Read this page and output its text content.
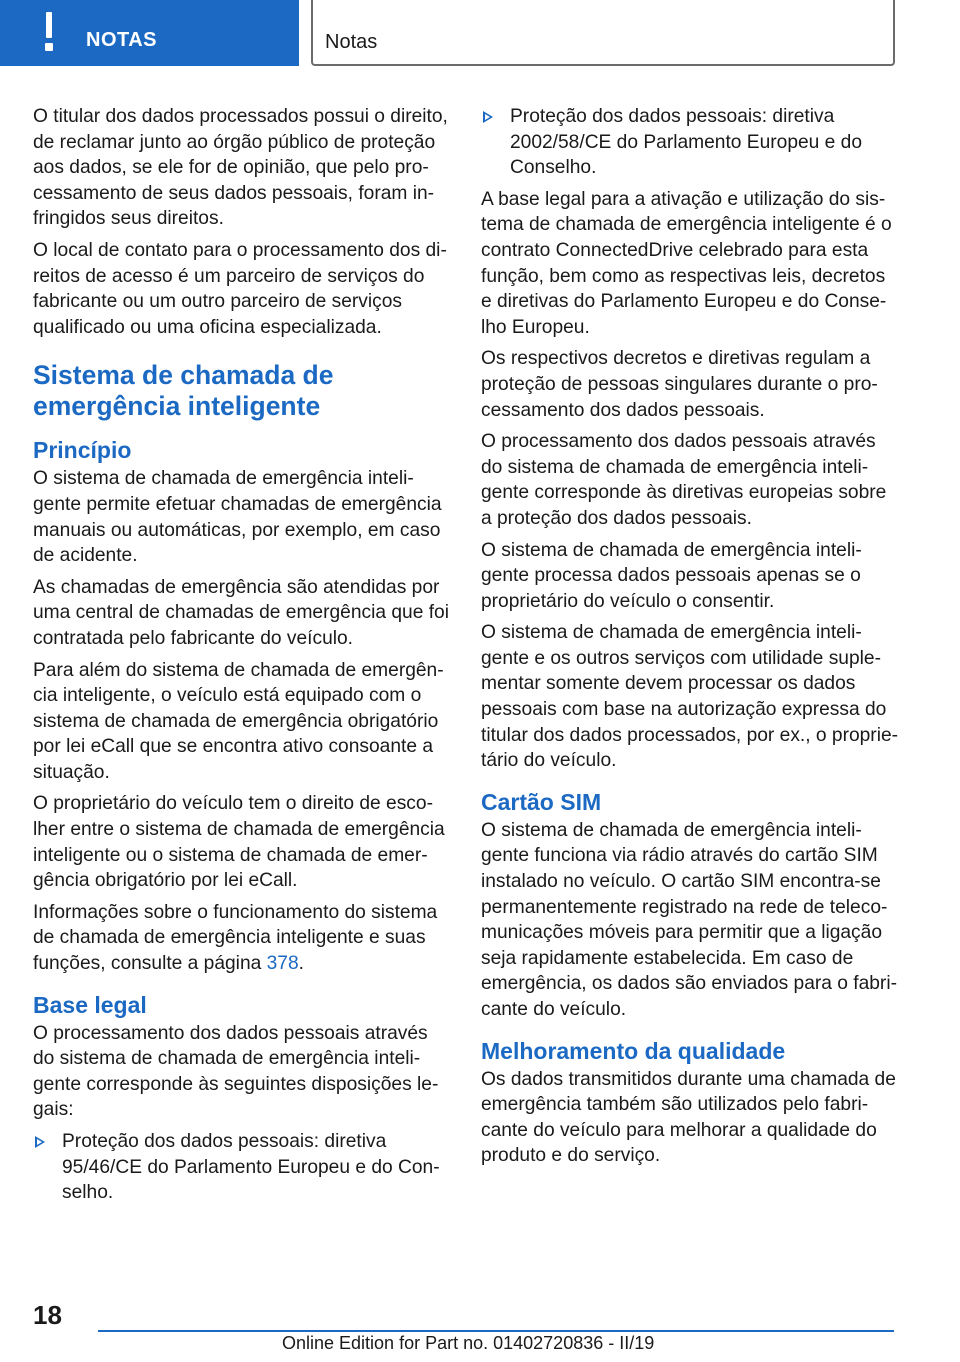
NOTAS	Notas

O titular dos dados processados possui o direito, de reclamar junto ao órgão público de proteção aos dados, se ele for de opinião, que pelo processamento de seus dados pessoais, foram infringidos seus direitos.

O local de contato para o processamento dos direitos de acesso é um parceiro de serviços do fabricante ou um outro parceiro de serviços qualificado ou uma oficina especializada.

Sistema de chamada de emergência inteligente
Princípio

O sistema de chamada de emergência inteligente permite efetuar chamadas de emergência manuais ou automáticas, por exemplo, em caso de acidente.

As chamadas de emergência são atendidas por uma central de chamadas de emergência que foi contratada pelo fabricante do veículo.

Para além do sistema de chamada de emergência inteligente, o veículo está equipado com o sistema de chamada de emergência obrigatório por lei eCall que se encontra ativo consoante a situação.

O proprietário do veículo tem o direito de escolher entre o sistema de chamada de emergência inteligente ou o sistema de chamada de emergência obrigatório por lei eCall.

Informações sobre o funcionamento do sistema de chamada de emergência inteligente e suas funções, consulte a página 378.

Base legal

O processamento dos dados pessoais através do sistema de chamada de emergência inteligente corresponde às seguintes disposições legais:

Proteção dos dados pessoais: diretiva 95/46/CE do Parlamento Europeu e do Conselho.
Proteção dos dados pessoais: diretiva 2002/58/CE do Parlamento Europeu e do Conselho.

A base legal para a ativação e utilização do sistema de chamada de emergência inteligente é o contrato ConnectedDrive celebrado para esta função, bem como as respectivas leis, decretos e diretivas do Parlamento Europeu e do Conselho Europeu.

Os respectivos decretos e diretivas regulam a proteção de pessoas singulares durante o processamento dos dados pessoais.

O processamento dos dados pessoais através do sistema de chamada de emergência inteligente corresponde às diretivas europeias sobre a proteção dos dados pessoais.

O sistema de chamada de emergência inteligente processa dados pessoais apenas se o proprietário do veículo o consentir.

O sistema de chamada de emergência inteligente e os outros serviços com utilidade suplementar somente devem processar os dados pessoais com base na autorização expressa do titular dos dados processados, por ex., o proprietário do veículo.

Cartão SIM

O sistema de chamada de emergência inteligente funciona via rádio através do cartão SIM instalado no veículo. O cartão SIM encontra-se permanentemente registrado na rede de telecomunicações móveis para permitir que a ligação seja rapidamente estabelecida. Em caso de emergência, os dados são enviados para o fabricante do veículo.

Melhoramento da qualidade

Os dados transmitidos durante uma chamada de emergência também são utilizados pelo fabricante do veículo para melhorar a qualidade do produto e do serviço.

18
Online Edition for Part no. 01402720836 - II/19
